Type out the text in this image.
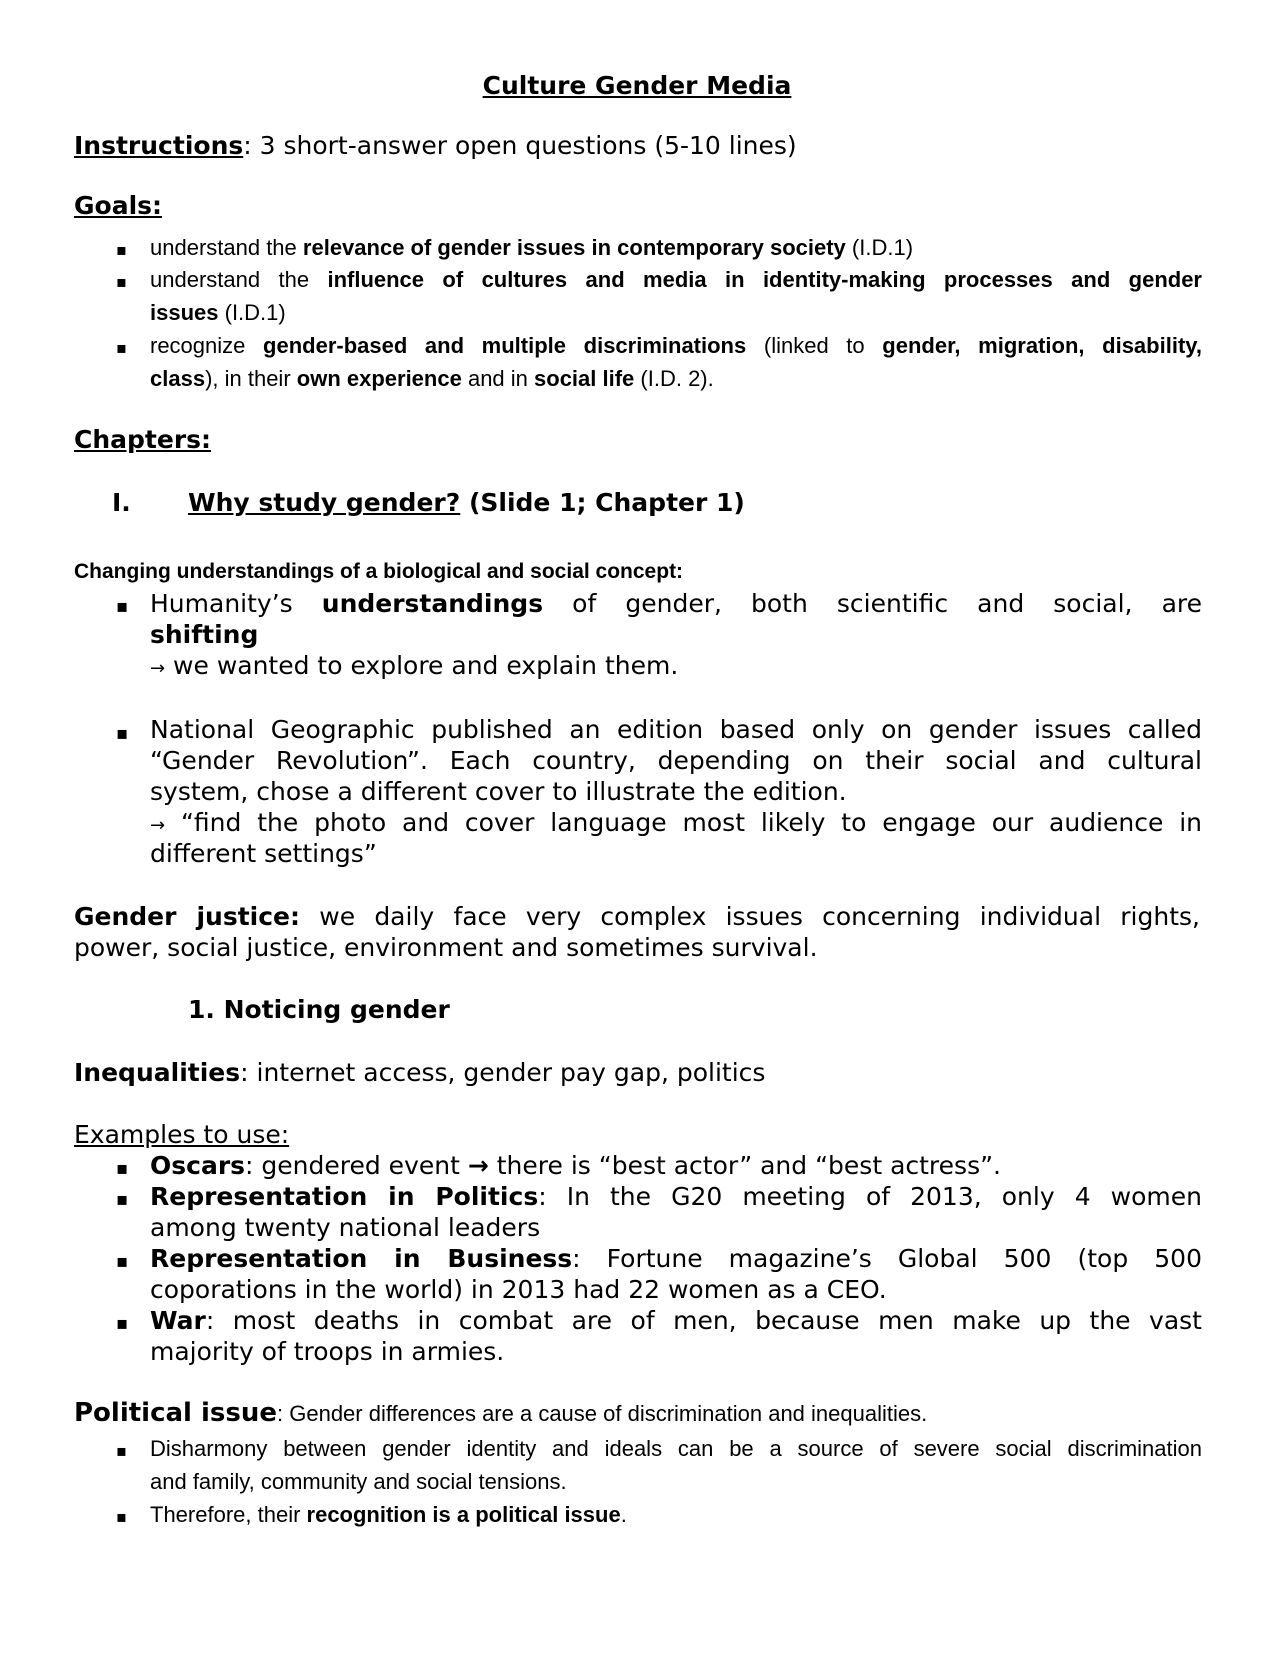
Culture Gender Media
Instructions: 3 short-answer open questions (5-10 lines)
Goals:
▪ understand the relevance of gender issues in contemporary society (I.D.1)
▪ understand the influence of cultures and media in identity-making processes and gender
issues (I.D.1)
▪ recognize gender-based and multiple discriminations (linked to gender, migration, disability,
class), in their own experience and in social life (I.D. 2).
Chapters:
I. Why study gender? (Slide 1; Chapter 1)
Changing understandings of a biological and social concept:
▪ Humanity’s understandings of gender, both scientific and social, are
shifting
→ we wanted to explore and explain them.
▪ National Geographic published an edition based only on gender issues called
“Gender Revolution”. Each country, depending on their social and cultural
system, chose a different cover to illustrate the edition.
→ “find the photo and cover language most likely to engage our audience in
different settings”
Gender justice: we daily face very complex issues concerning individual rights,
power, social justice, environment and sometimes survival.
1. Noticing gender
Inequalities: internet access, gender pay gap, politics
Examples to use:
▪ Oscars: gendered event → there is “best actor” and “best actress”.
▪ Representation in Politics: In the G20 meeting of 2013, only 4 women
among twenty national leaders
▪ Representation in Business: Fortune magazine’s Global 500 (top 500
coporations in the world) in 2013 had 22 women as a CEO.
▪ War: most deaths in combat are of men, because men make up the vast
majority of troops in armies.
Political issue: Gender differences are a cause of discrimination and inequalities.
▪ Disharmony between gender identity and ideals can be a source of severe social discrimination
and family, community and social tensions.
▪ Therefore, their recognition is a political issue.
